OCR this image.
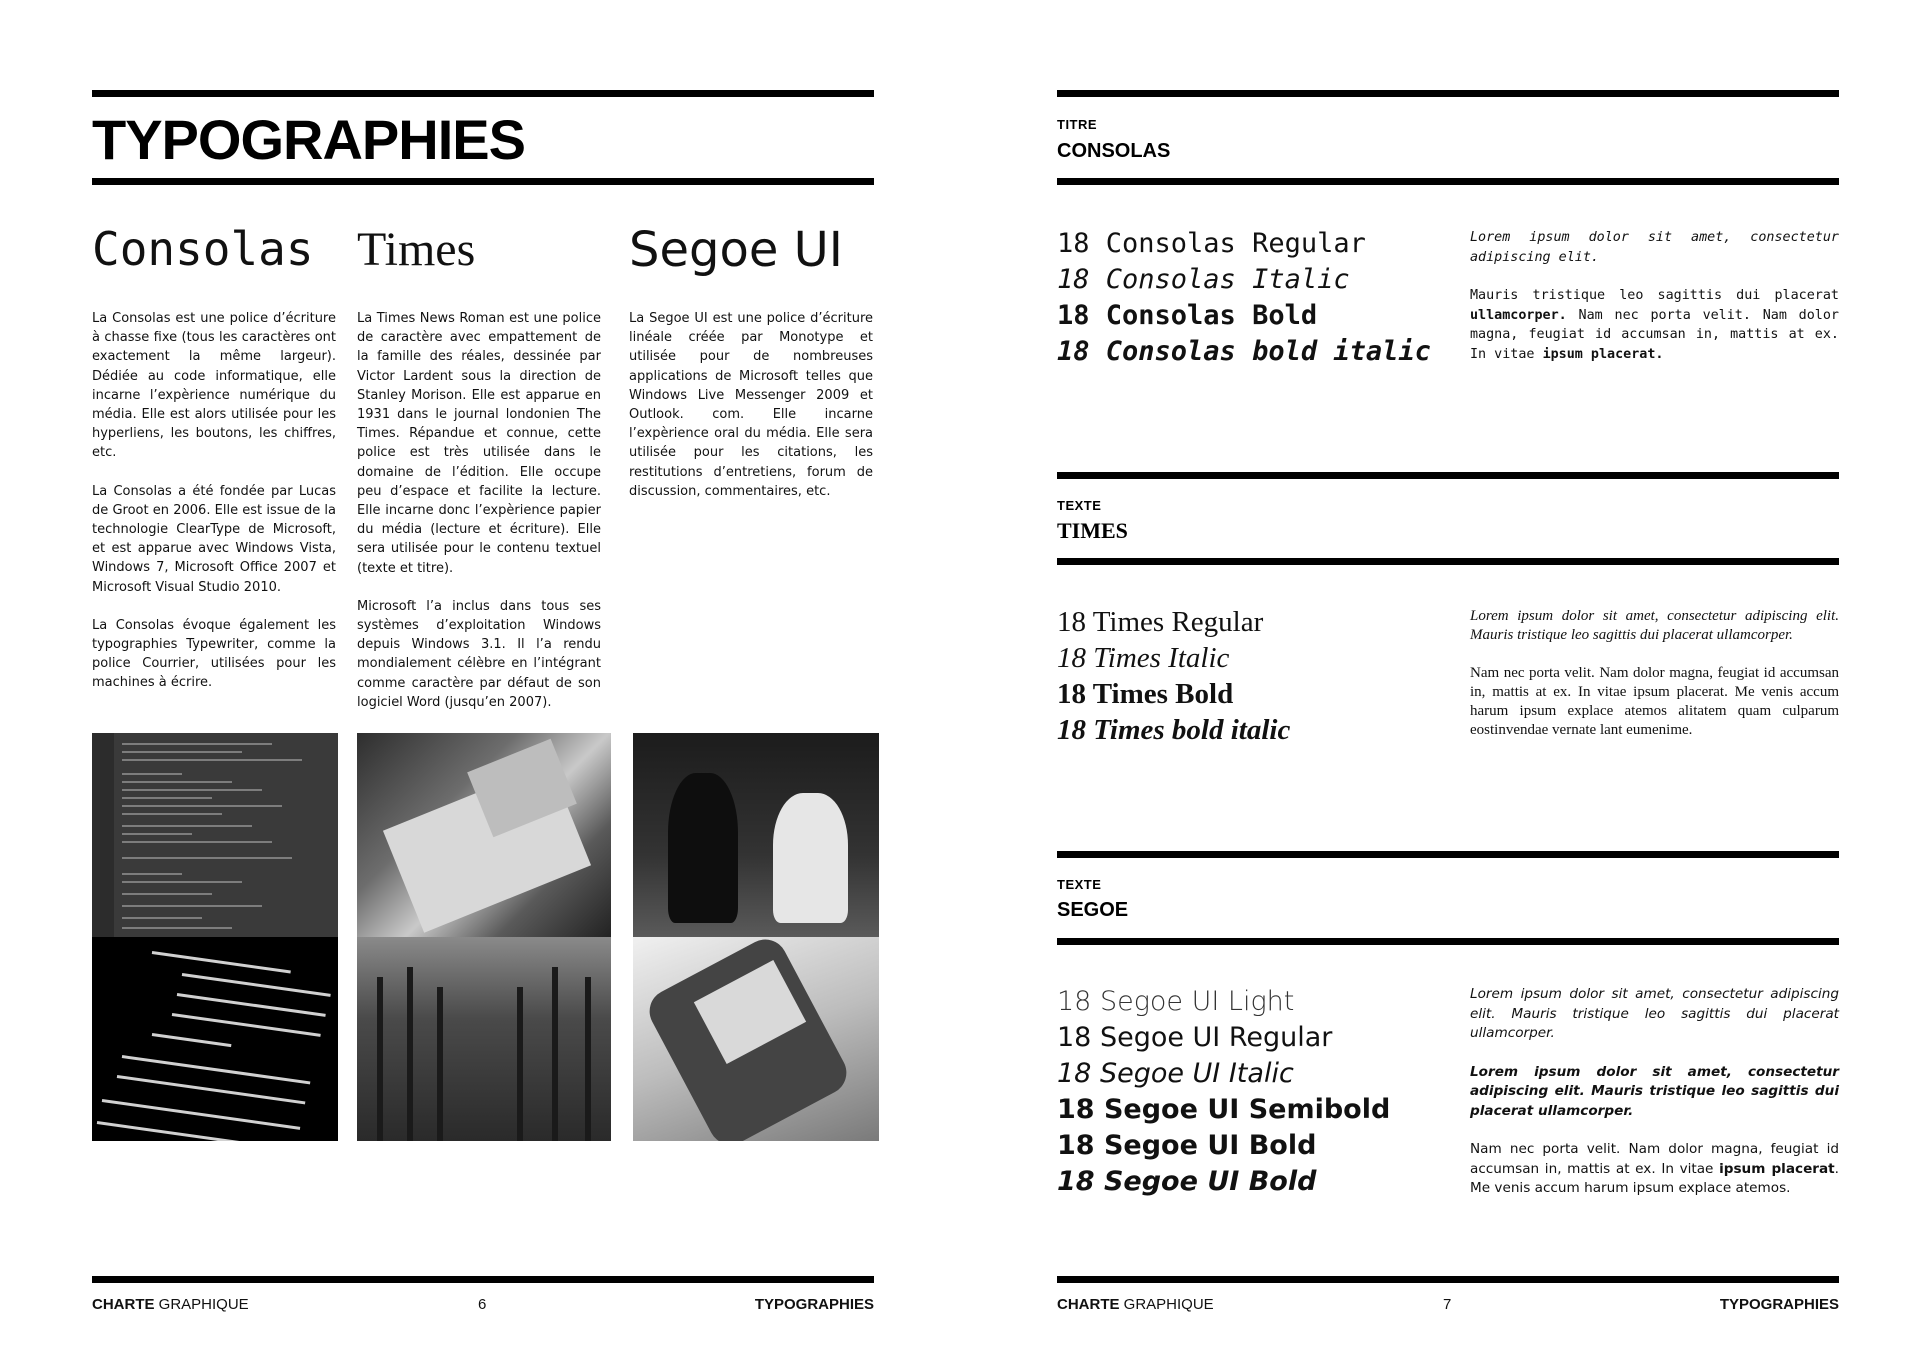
TYPOGRAPHIES
Consolas Times	Segoe UI

La Consolas est une police d’écriture à chasse fixe (tous les caractères ont exactement la même largeur). Dédiée au code informatique, elle incarne l’expèrience numérique du média. Elle est alors utilisée pour les hyperliens, les boutons, les chiffres, etc.

La Consolas a été fondée par Lucas de Groot en 2006. Elle est issue de la technologie ClearType de Microsoft, et est apparue avec Windows Vista, Windows 7, Microsoft Office 2007 et Microsoft Visual Studio 2010.

La Consolas évoque également les typographies Typewriter, comme la police Courrier, utilisées pour les machines à écrire.

La Times News Roman est une police de caractère avec empattement de la famille des réales, dessinée par Victor Lardent sous la direction de Stanley Morison. Elle est apparue en 1931 dans le journal londonien The Times. Répandue et connue, cette police est très utilisée dans le domaine de l’édition. Elle occupe peu d’espace et facilite la lecture. Elle incarne donc l’expèrience papier du média (lecture et écriture). Elle sera utilisée pour le contenu textuel (texte et titre).

Microsoft l’a inclus dans tous ses systèmes d’exploitation Windows depuis Windows 3.1. Il l’a rendu mondialement célèbre en l’intégrant comme caractère par défaut de son logiciel Word (jusqu’en 2007).

La Segoe UI est une police d’écriture linéale créée par Monotype et utilisée pour de nombreuses applications de Microsoft telles que Windows Live Messenger 2009 et Outlook. com. Elle incarne l’expèrience oral du média. Elle sera utilisée pour les citations, les restitutions d’entretiens, forum de discussion, commentaires, etc.

CHARTE GRAPHIQUE	6	TYPOGRAPHIES
TITRE
CONSOLAS
18 Consolas Regular
18 Consolas Italic
18 Consolas Bold
18 Consolas bold italic

Lorem ipsum dolor sit amet, consectetur adipiscing elit.

Mauris tristique leo sagittis dui placerat ullamcorper. Nam nec porta velit. Nam dolor magna, feugiat id accumsan in, mattis at ex. In vitae ipsum placerat.

TEXTE
TIMES
18 Times Regular
18 Times Italic
18 Times Bold
18 Times bold italic

Lorem ipsum dolor sit amet, consectetur adipiscing elit. Mauris tristique leo sagittis dui placerat ullamcorper.

Nam nec porta velit. Nam dolor magna, feugiat id accumsan in, mattis at ex. In vitae ipsum placerat. Me venis accum harum ipsum explace atemos alitatem quam culparum eostinvendae vernate lant eumenime.

TEXTE
SEGOE
18 Segoe UI Light
18 Segoe UI Regular
18 Segoe UI Italic
18 Segoe UI Semibold
18 Segoe UI Bold
18 Segoe UI Bold

Lorem ipsum dolor sit amet, consectetur adipiscing elit. Mauris tristique leo sagittis dui placerat ullamcorper.

Lorem ipsum dolor sit amet, consectetur adipiscing elit. Mauris tristique leo sagittis dui placerat ullamcorper.

Nam nec porta velit. Nam dolor magna, feugiat id accumsan in, mattis at ex. In vitae ipsum placerat. Me venis accum harum ipsum explace atemos.

CHARTE GRAPHIQUE	7	TYPOGRAPHIES
